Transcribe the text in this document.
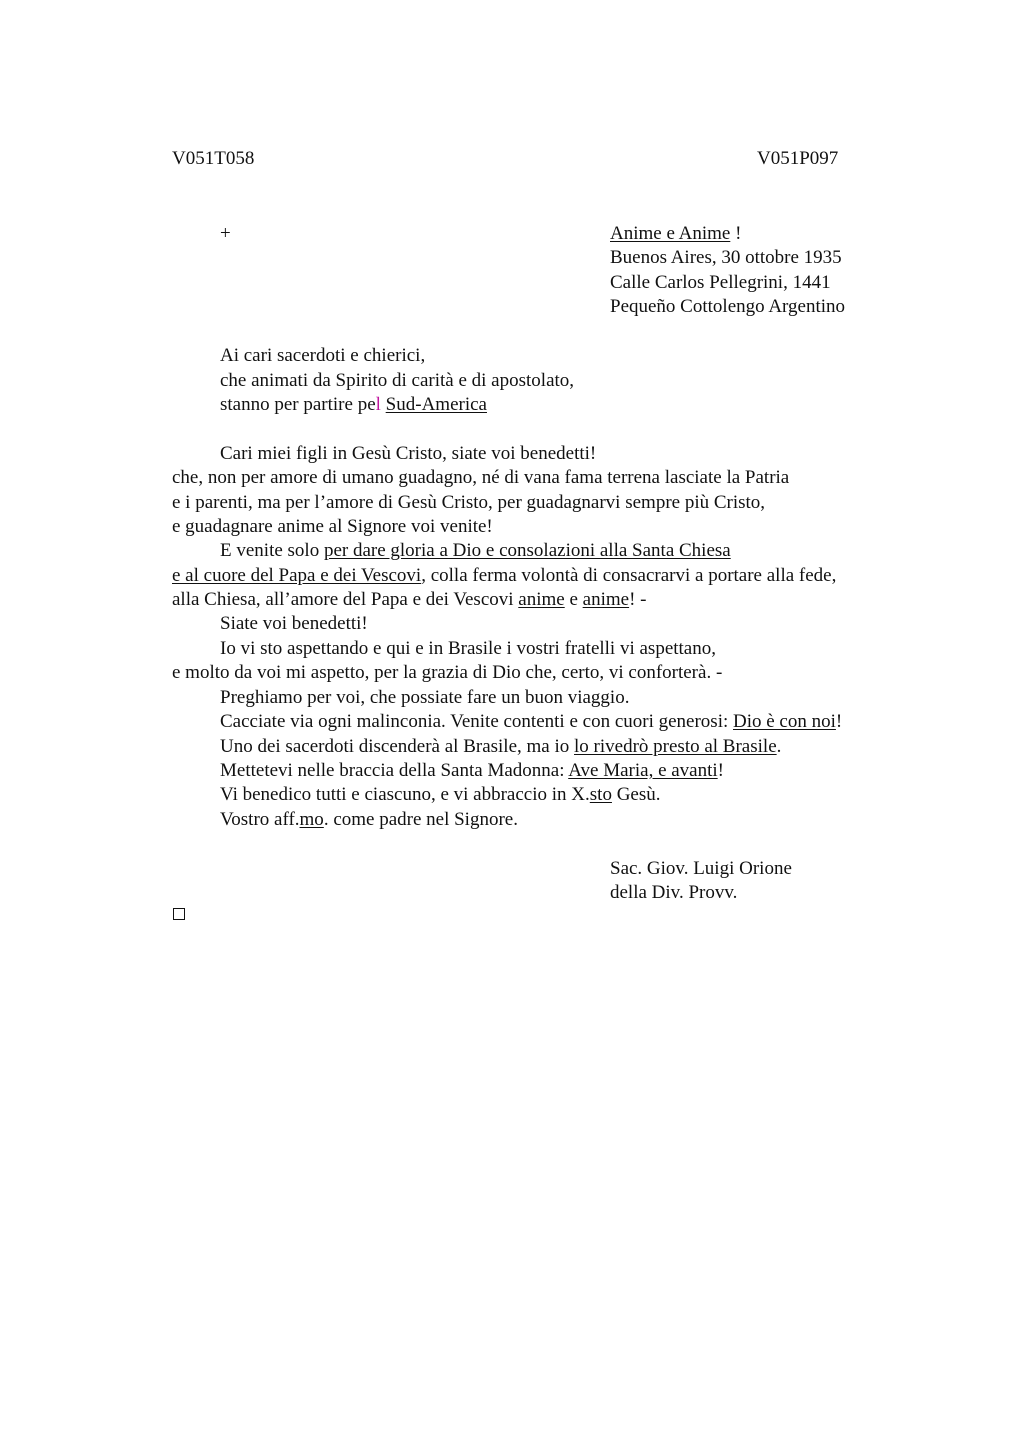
V051T058	V051P097
+	Anime e Anime !
Buenos Aires, 30 ottobre 1935
Calle Carlos Pellegrini, 1441
Pequeño Cottolengo Argentino
Ai cari sacerdoti e chierici,
che animati da Spirito di carità e di apostolato,
stanno per partire pel Sud-America
Cari miei figli in Gesù Cristo, siate voi benedetti!
che, non per amore di umano guadagno, né di vana fama terrena lasciate la Patria
e i parenti, ma per l’amore di Gesù Cristo, per guadagnarvi sempre più Cristo,
e guadagnare anime al Signore voi venite!
E venite solo per dare gloria a Dio e consolazioni alla Santa Chiesa
e al cuore del Papa e dei Vescovi, colla ferma volontà di consacrarvi a portare alla fede,
alla Chiesa, all’amore del Papa e dei Vescovi anime e anime! -
Siate voi benedetti!
Io vi sto aspettando e qui e in Brasile i vostri fratelli vi aspettano,
e molto da voi mi aspetto, per la grazia di Dio che, certo, vi conforterà. -
Preghiamo per voi, che possiate fare un buon viaggio.
Cacciate via ogni malinconia. Venite contenti e con cuori generosi: Dio è con noi!
Uno dei sacerdoti discenderà al Brasile, ma io lo rivedrò presto al Brasile.
Mettetevi nelle braccia della Santa Madonna: Ave Maria, e avanti!
Vi benedico tutti e ciascuno, e vi abbraccio in X.sto Gesù.
Vostro aff.mo. come padre nel Signore.
Sac. Giov. Luigi Orione
della Div. Provv.
